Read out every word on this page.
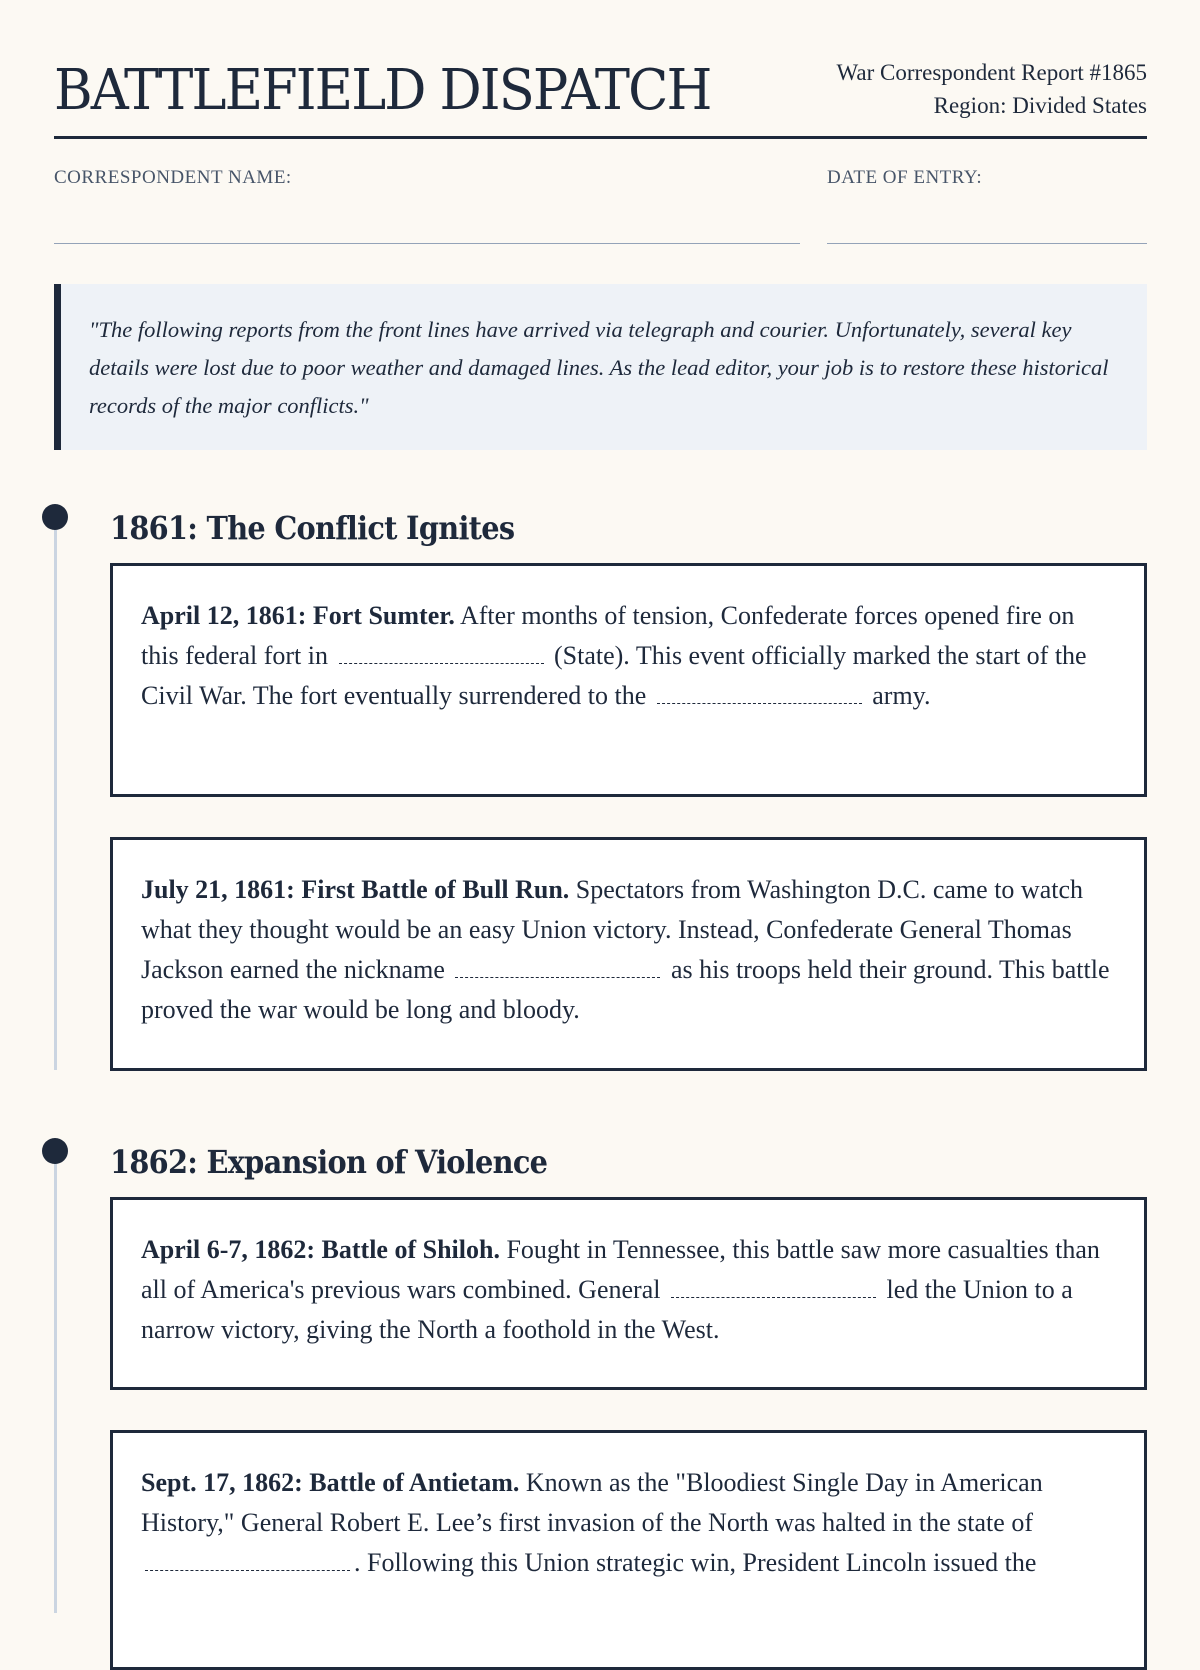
BATTLEFIELD DISPATCH	War Correspondent Report #1865
Region: Divided States
CORRESPONDENT NAME:	DATE OF ENTRY:

"The following reports from the front lines have arrived via telegraph and courier. Unfortunately, several key details were lost due to poor weather and damaged lines. As the lead editor, your job is to restore these historical records of the major conflicts."

1861: The Conflict Ignites

April 12, 1861: Fort Sumter. After months of tension, Confederate forces opened fire on this federal fort in	(State). This event officially marked the start of the Civil War. The fort eventually surrendered to the	army.

July 21, 1861: First Battle of Bull Run. Spectators from Washington D.C. came to watch what they thought would be an easy Union victory. Instead, Confederate General Thomas Jackson earned the nickname	as his troops held their ground. This battle proved the war would be long and bloody.

1862: Expansion of Violence

April 6-7, 1862: Battle of Shiloh. Fought in Tennessee, this battle saw more casualties than all of America's previous wars combined. General	led the Union to a narrow victory, giving the North a foothold in the West.

Sept. 17, 1862: Battle of Antietam. Known as the "Bloodiest Single Day in American History," General Robert E. Lee’s first invasion of the North was halted in the state of . Following this Union strategic win, President Lincoln issued the
